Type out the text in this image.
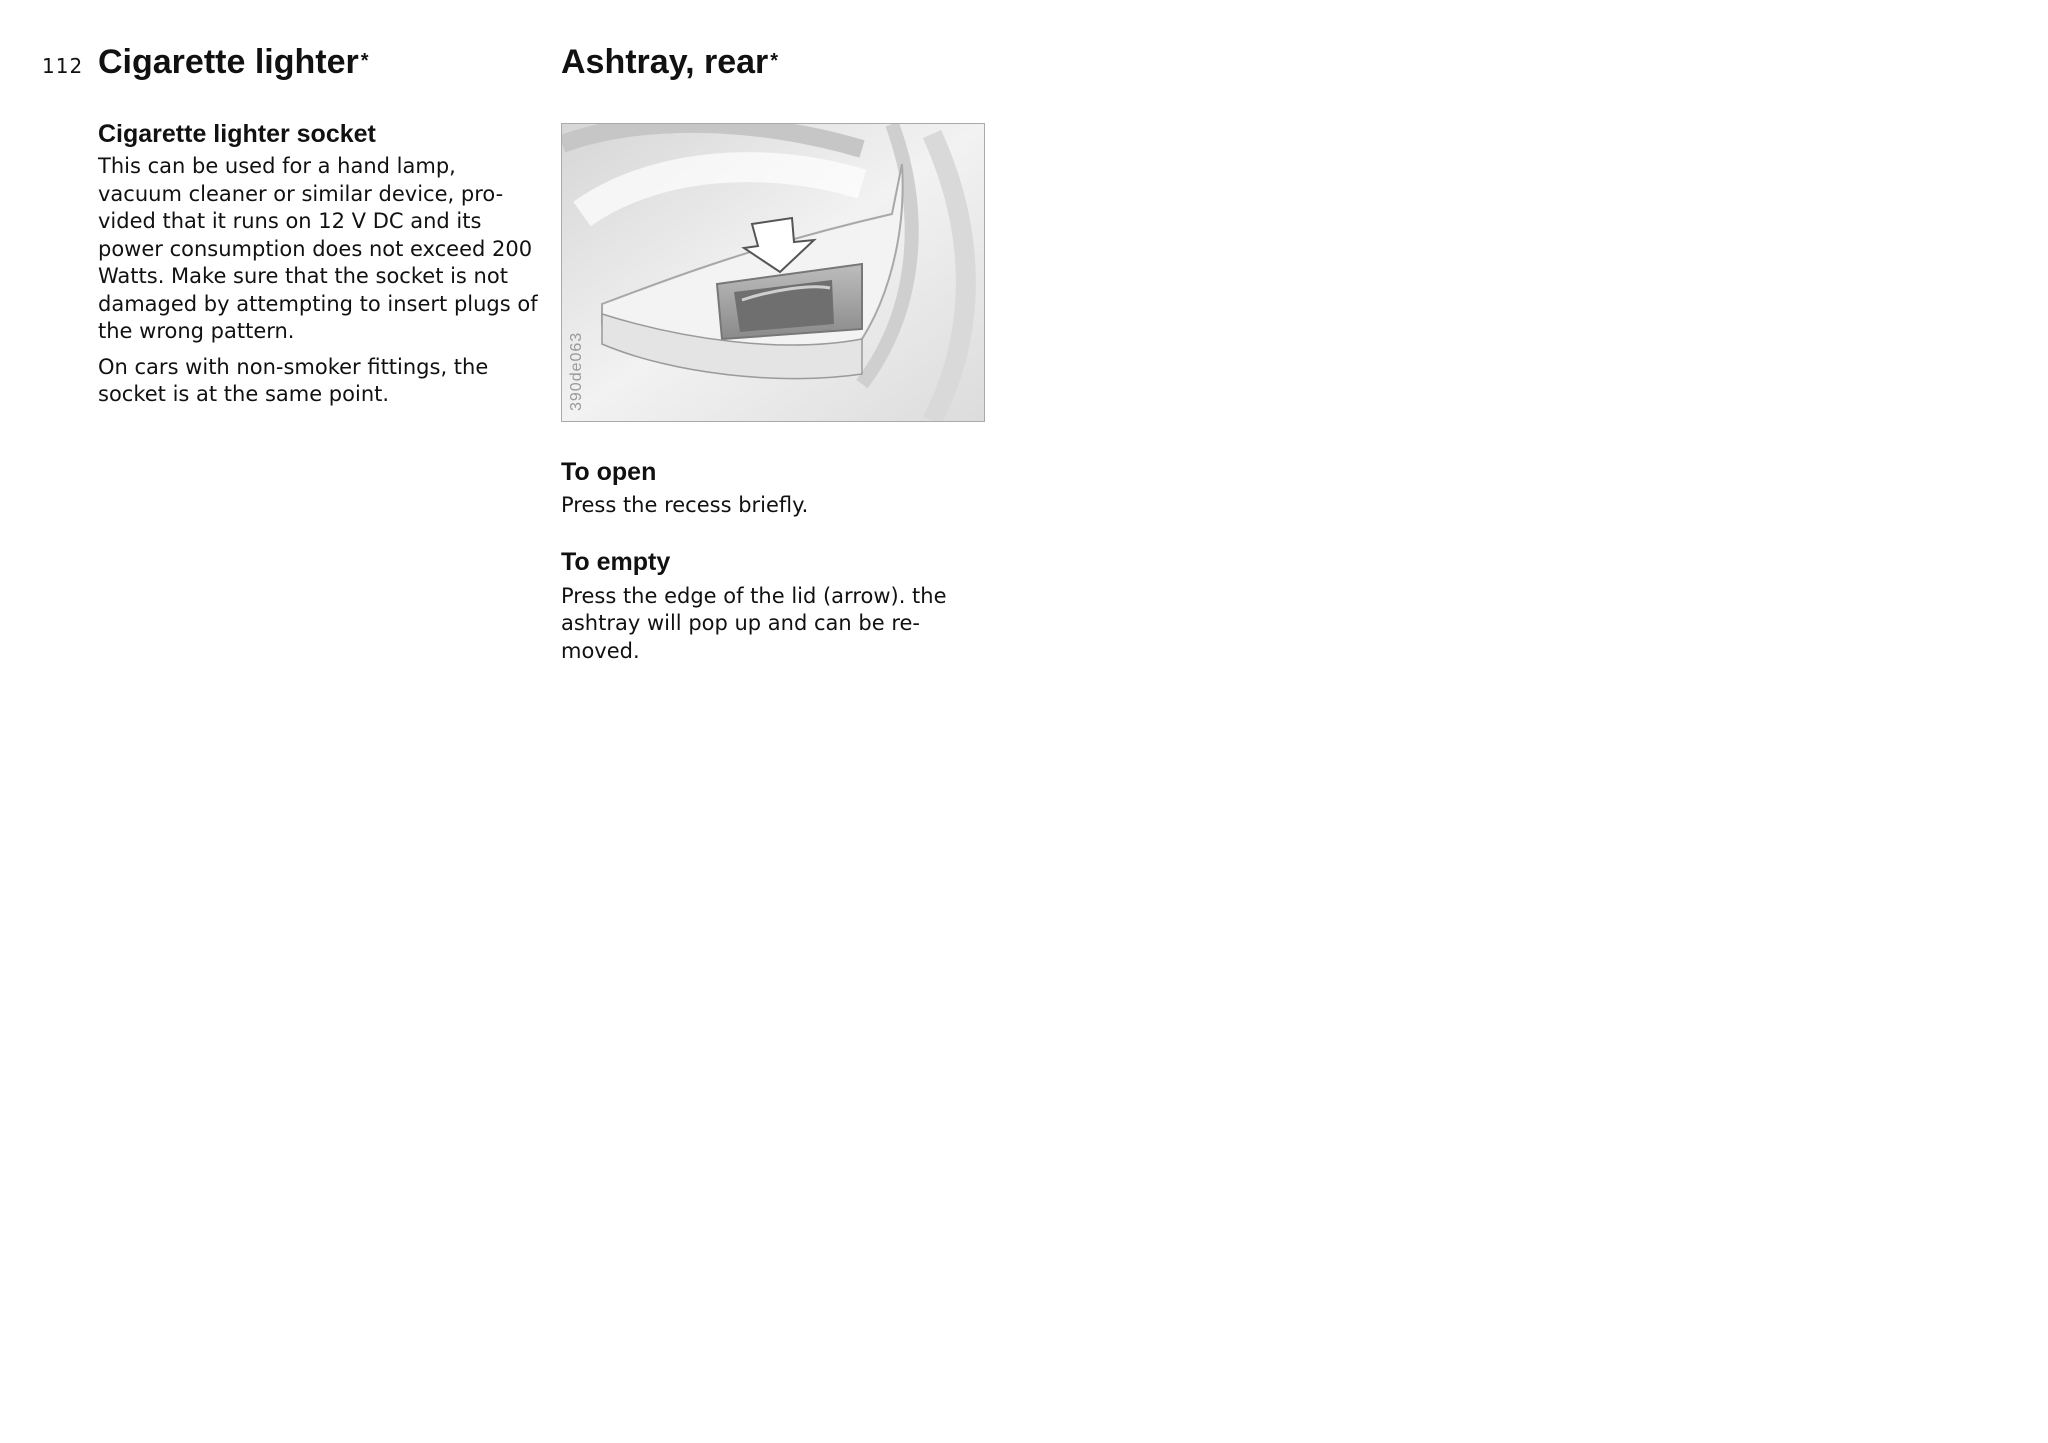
112 Cigarette lighter *
Cigarette lighter socket

This can be used for a hand lamp, vacuum cleaner or similar device, pro- vided that it runs on 12 V DC and its power consumption does not exceed 200 Watts. Make sure that the socket is not damaged by attempting to insert plugs of the wrong pattern.

On cars with non-smoker fittings, the socket is at the same point.

Ashtray, rear *
390de063
To open

Press the recess briefly.

To empty

Press the edge of the lid (arrow). the ashtray will pop up and can be re- moved.
